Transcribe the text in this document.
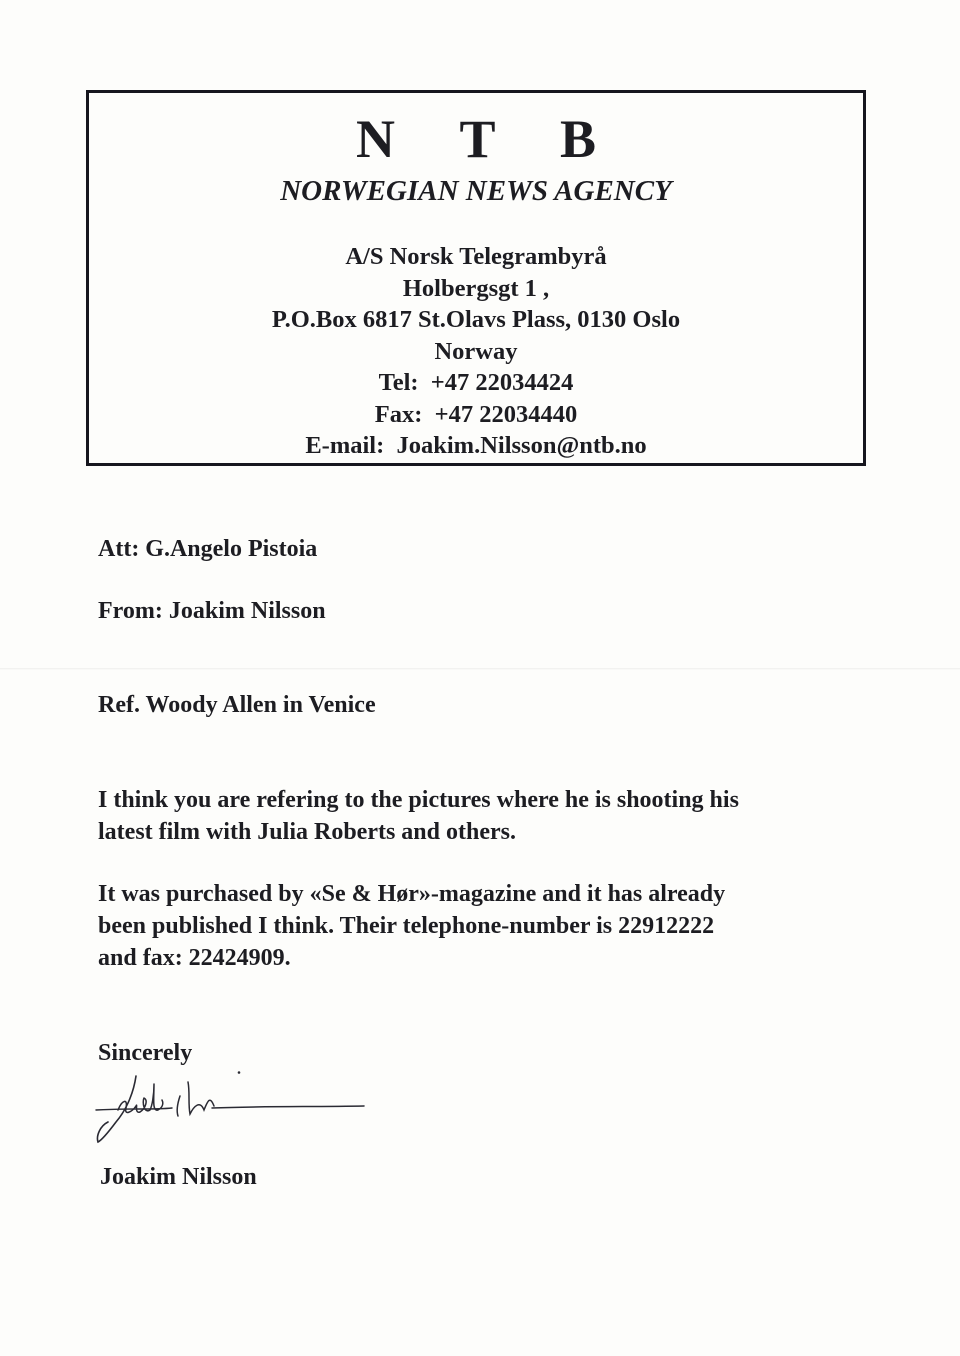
N T B
NORWEGIAN NEWS AGENCY
A/S Norsk Telegrambyrå
Holbergsgt 1 ,
P.O.Box 6817 St.Olavs Plass, 0130 Oslo
Norway
Tel:  +47 22034424
Fax:  +47 22034440
E-mail:  Joakim.Nilsson@ntb.no
Att: G.Angelo Pistoia
From: Joakim Nilsson
Ref. Woody Allen in Venice
I think you are refering to the pictures where he is shooting his
latest film with Julia Roberts and others.
It was purchased by «Se & Hør»-magazine and it has already
been published I think. Their telephone-number is 22912222
and fax: 22424909.
Sincerely
Joakim Nilsson
